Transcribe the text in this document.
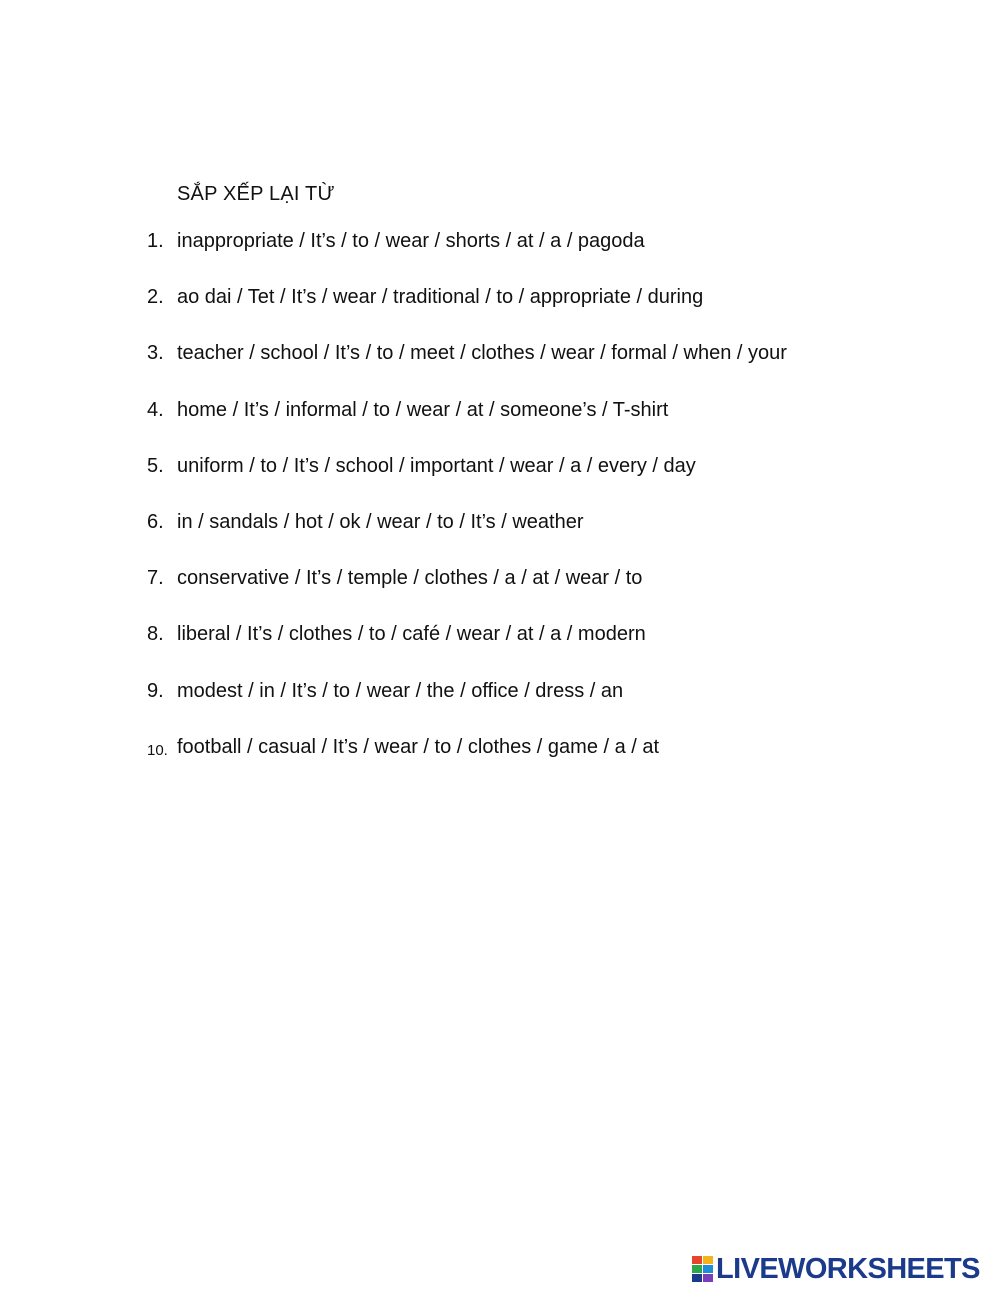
SẮP XẾP LẠI TỪ
1. inappropriate / It’s / to / wear / shorts / at / a / pagoda
2. ao dai / Tet / It’s / wear / traditional / to / appropriate / during
3. teacher / school / It’s / to / meet / clothes / wear / formal / when / your
4. home / It’s / informal / to / wear / at / someone’s / T-shirt
5. uniform / to / It’s / school / important / wear / a / every / day
6. in / sandals / hot / ok / wear / to / It’s / weather
7. conservative / It’s / temple / clothes / a / at / wear / to
8. liberal / It’s / clothes / to / café / wear / at / a / modern
9. modest / in / It’s / to / wear / the / office / dress / an
10. football / casual / It’s / wear / to / clothes / game / a / at
LIVEWORKSHEETS
